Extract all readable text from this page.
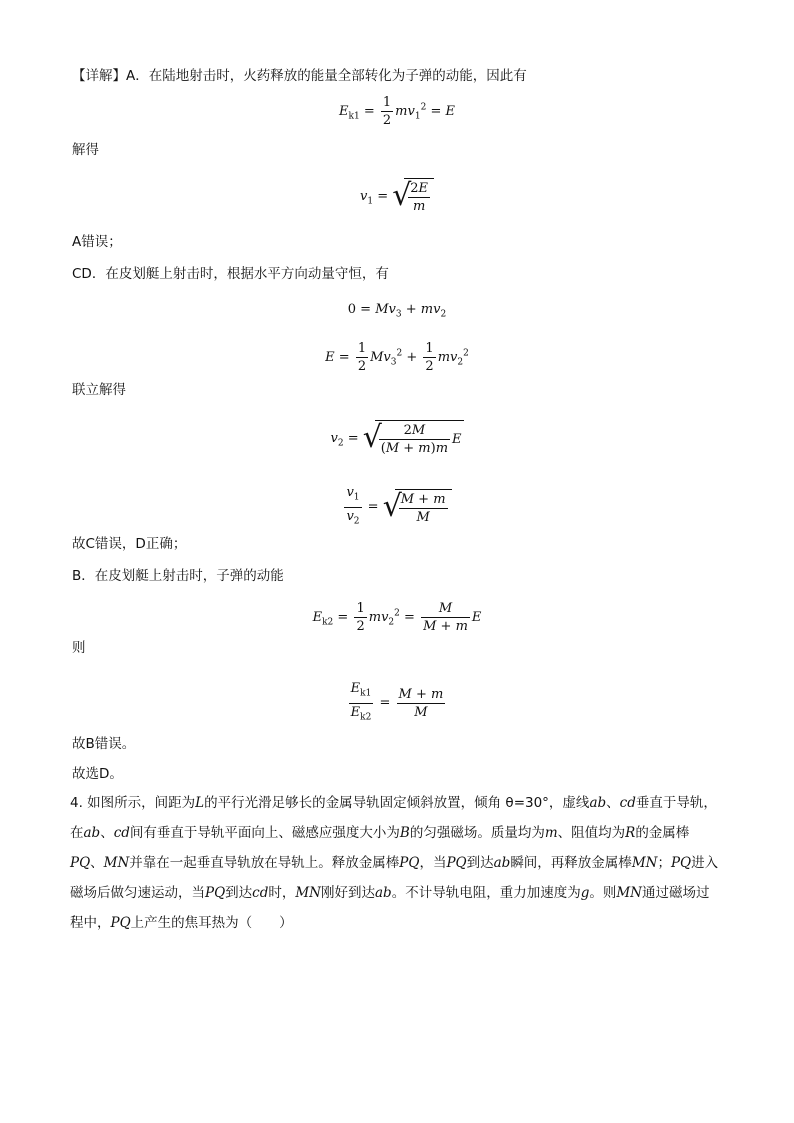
【详解】A．在陆地射击时，火药释放的能量全部转化为子弹的动能，因此有
$E_{k1} = \frac{1}{2} mv_1^2 = E$
解得
$v_1$ = √
$\frac{2E}{m}$
A错误；
CD．在皮划艇上射击时，根据水平方向动量守恒，有
$0 = Mv_3 + mv_2$
$E = \frac{1}{2} Mv_3^2 + \frac{1}{2} mv_2^2$
联立解得
$v_2$ = √
$\frac{2M}{(M + m)m}$ E
$\frac{v_1}{v_2}$ = √
$\frac{M + m}{M}$
故C错误，D正确；
B．在皮划艇上射击时，子弹的动能
$E_{k2} = \frac{1}{2} mv_2^2 = \frac{M}{M + m}$ E
则
$\frac{E_{k1}}{E_{k2}} = \frac{M + m}{M}$
故B错误。
故选D。
4. 如图所示，间距为L的平行光滑足够长的金属导轨固定倾斜放置，倾角 θ=30°，虚线ab、cd垂直于导轨，在ab、cd间有垂直于导轨平面向上、磁感应强度大小为B的匀强磁场。质量均为m、阻值均为R的金属棒PQ、MN并靠在一起垂直导轨放在导轨上。释放金属棒PQ，当PQ到达ab瞬间，再释放金属棒MN；PQ进入磁场后做匀速运动，当PQ到达cd时，MN刚好到达ab。不计导轨电阻，重力加速度为g。则MN通过磁场过程中，PQ上产生的焦耳热为（　　）
